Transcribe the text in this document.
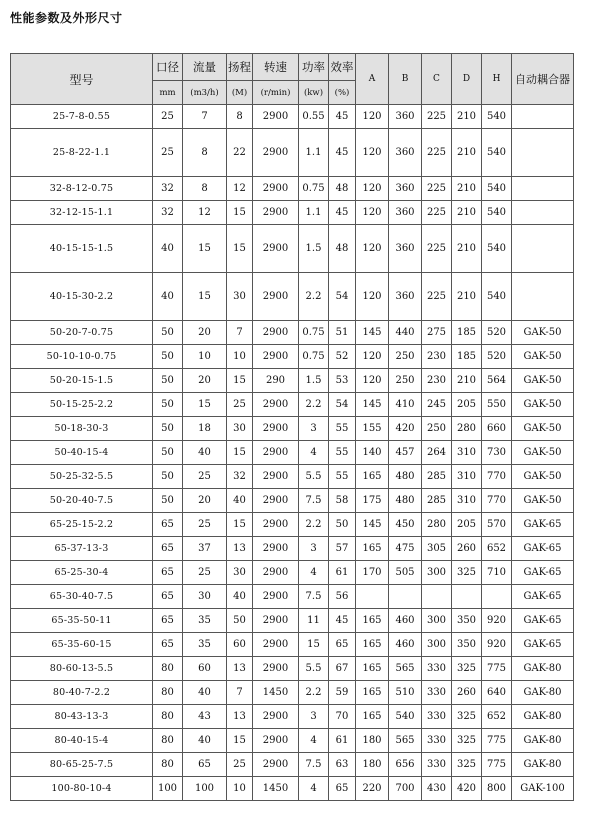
性能参数及外形尺寸
型号	口径	流量	扬程	转速	功率	效率	A	B	C	D	H	自动耦合器
	mm	(m3/h)	(M)	(r/min)	(kw)	(%)						
25-7-8-0.55	25	7	8	2900	0.55	45	120	360	225	210	540	
25-8-22-1.1	25	8	22	2900	1.1	45	120	360	225	210	540	
32-8-12-0.75	32	8	12	2900	0.75	48	120	360	225	210	540	
32-12-15-1.1	32	12	15	2900	1.1	45	120	360	225	210	540	
40-15-15-1.5	40	15	15	2900	1.5	48	120	360	225	210	540	
40-15-30-2.2	40	15	30	2900	2.2	54	120	360	225	210	540	
50-20-7-0.75	50	20	7	2900	0.75	51	145	440	275	185	520	GAK-50
50-10-10-0.75	50	10	10	2900	0.75	52	120	250	230	185	520	GAK-50
50-20-15-1.5	50	20	15	290	1.5	53	120	250	230	210	564	GAK-50
50-15-25-2.2	50	15	25	2900	2.2	54	145	410	245	205	550	GAK-50
50-18-30-3	50	18	30	2900	3	55	155	420	250	280	660	GAK-50
50-40-15-4	50	40	15	2900	4	55	140	457	264	310	730	GAK-50
50-25-32-5.5	50	25	32	2900	5.5	55	165	480	285	310	770	GAK-50
50-20-40-7.5	50	20	40	2900	7.5	58	175	480	285	310	770	GAK-50
65-25-15-2.2	65	25	15	2900	2.2	50	145	450	280	205	570	GAK-65
65-37-13-3	65	37	13	2900	3	57	165	475	305	260	652	GAK-65
65-25-30-4	65	25	30	2900	4	61	170	505	300	325	710	GAK-65
65-30-40-7.5	65	30	40	2900	7.5	56						GAK-65
65-35-50-11	65	35	50	2900	11	45	165	460	300	350	920	GAK-65
65-35-60-15	65	35	60	2900	15	65	165	460	300	350	920	GAK-65
80-60-13-5.5	80	60	13	2900	5.5	67	165	565	330	325	775	GAK-80
80-40-7-2.2	80	40	7	1450	2.2	59	165	510	330	260	640	GAK-80
80-43-13-3	80	43	13	2900	3	70	165	540	330	325	652	GAK-80
80-40-15-4	80	40	15	2900	4	61	180	565	330	325	775	GAK-80
80-65-25-7.5	80	65	25	2900	7.5	63	180	656	330	325	775	GAK-80
100-80-10-4	100	100	10	1450	4	65	220	700	430	420	800	GAK-100
